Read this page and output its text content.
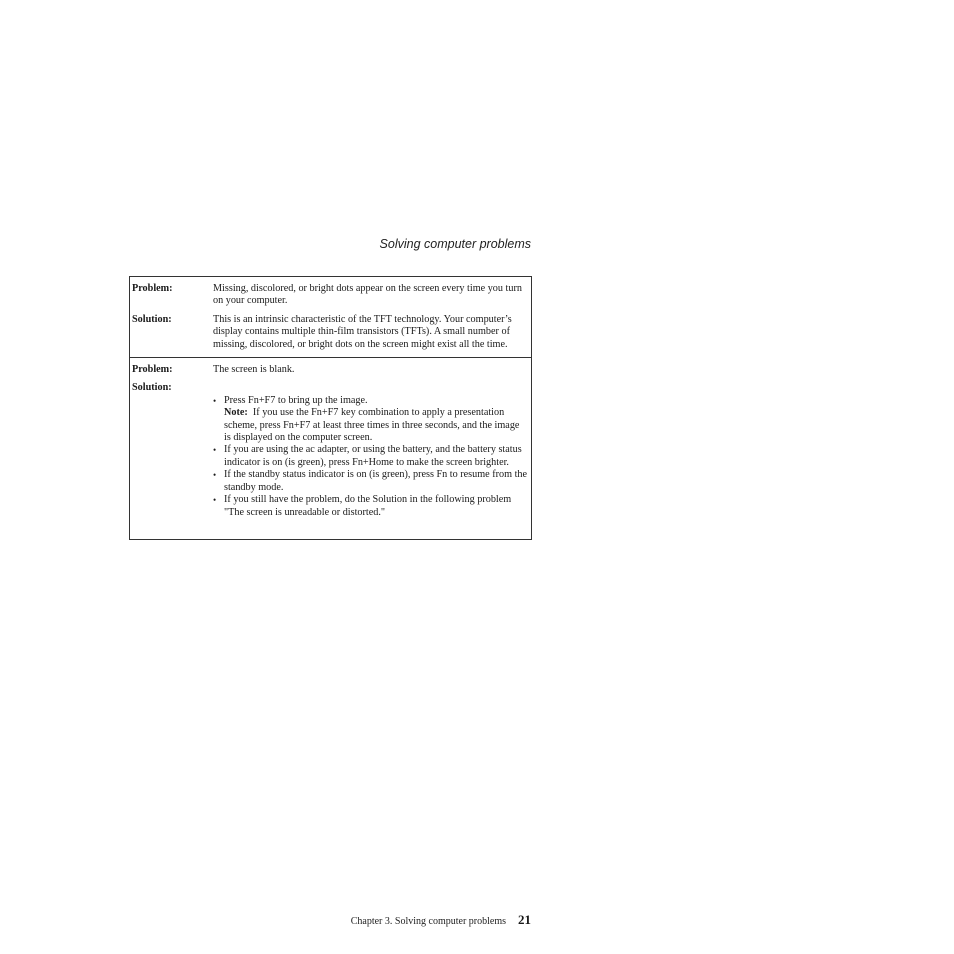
Solving computer problems
Problem:	Missing, discolored, or bright dots appear on the screen every time you turn on your computer.
Solution:	This is an intrinsic characteristic of the TFT technology. Your computer’s display contains multiple thin-film transistors (TFTs). A small number of missing, discolored, or bright dots on the screen might exist all the time.
Problem:	The screen is blank.
Solution:
• Press Fn+F7 to bring up the image.
Note: If you use the Fn+F7 key combination to apply a presentation scheme, press Fn+F7 at least three times in three seconds, and the image is displayed on the computer screen.
• If you are using the ac adapter, or using the battery, and the battery status indicator is on (is green), press Fn+Home to make the screen brighter.
• If the standby status indicator is on (is green), press Fn to resume from the standby mode.
• If you still have the problem, do the Solution in the following problem "The screen is unreadable or distorted."
Chapter 3. Solving computer problems 21
